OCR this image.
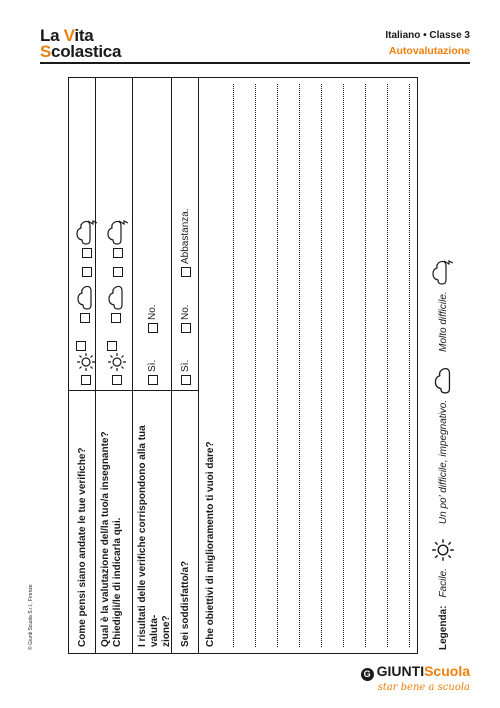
La Vita
Scolastica
Italiano • Classe 3
Autovalutazione
© Giunti Scuola S.r.l., Firenze	Come pensi siano andate le tue verifiche? Qual è la valutazione del/la tuo/a insegnante?
Chiedigli/le di indicarla qui. I risultati delle verifiche corrispondono alla tua valuta-
zione?
Sì.
No.
Sei soddisfatto/a?
Sì.
No.
Abbastanza.
Che obiettivi di miglioramento ti vuoi dare?	Legenda:
Facile.
Un po' difficile, impegnativo.
Molto difficile.
G GIUNTIScuola
star bene a scuola
